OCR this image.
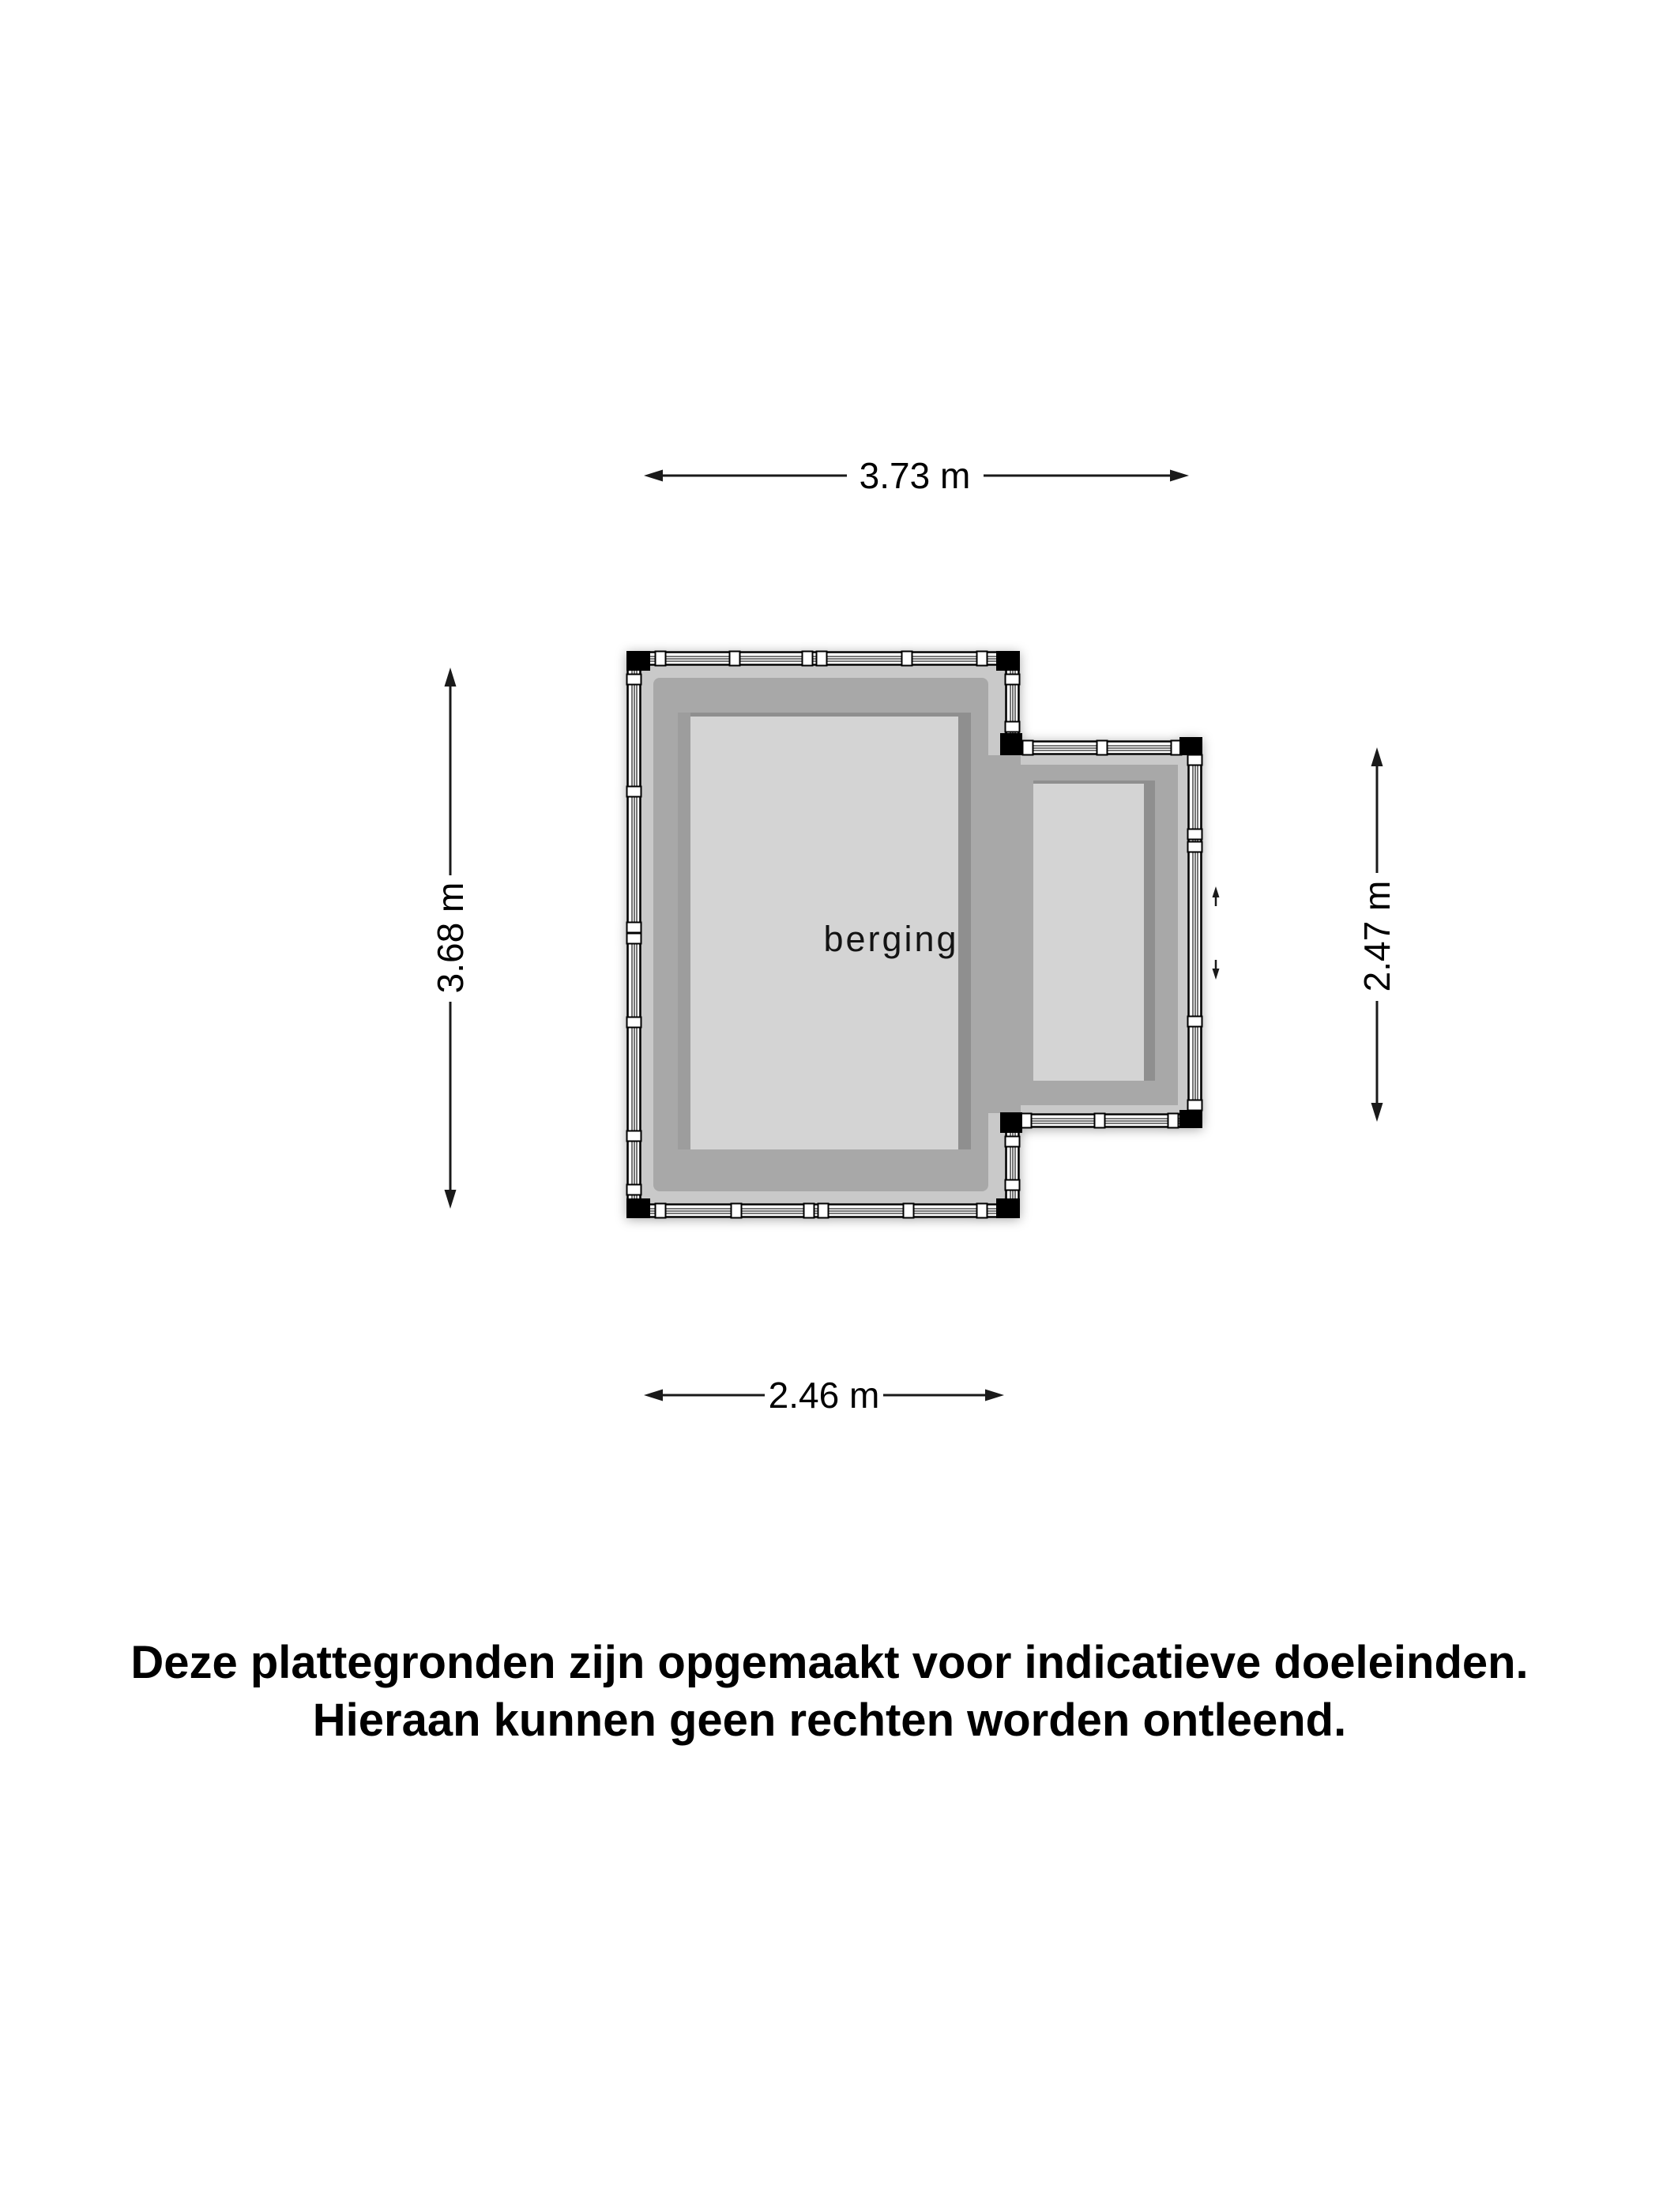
berging
3.73 m
2.46 m
3.68 m	2.47 m
Deze plattegronden zijn opgemaakt voor indicatieve doeleinden.
Hieraan kunnen geen rechten worden ontleend.
